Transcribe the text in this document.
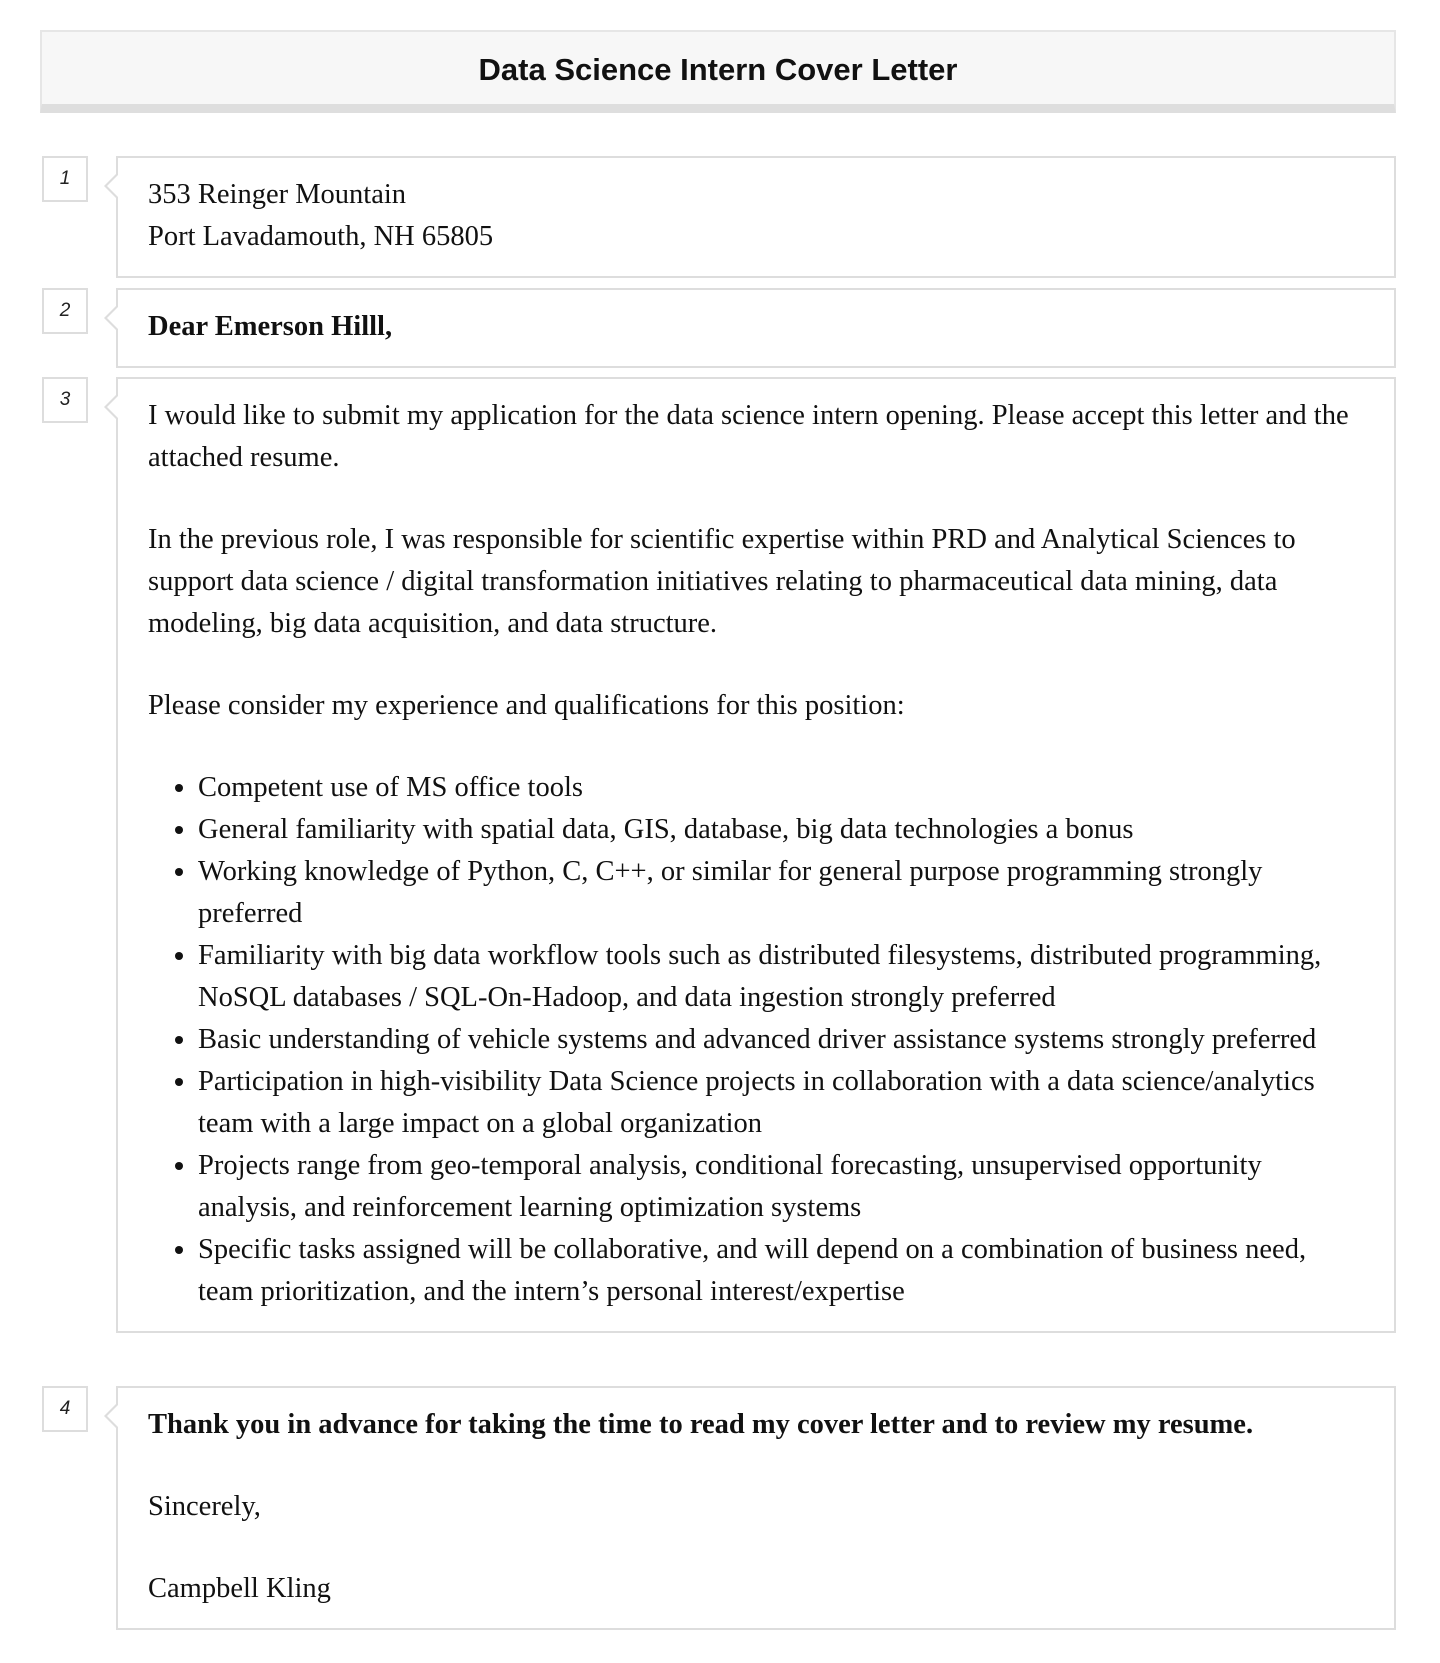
Data Science Intern Cover Letter
1

353 Reinger Mountain

Port Lavadamouth, NH 65805

2

Dear Emerson Hilll,

3

I would like to submit my application for the data science intern opening. Please accept this letter and the attached resume.

In the previous role, I was responsible for scientific expertise within PRD and Analytical Sciences to support data science / digital transformation initiatives relating to pharmaceutical data mining, data modeling, big data acquisition, and data structure.

Please consider my experience and qualifications for this position:

• Competent use of MS office tools
• General familiarity with spatial data, GIS, database, big data technologies a bonus
• Working knowledge of Python, C, C++, or similar for general purpose programming strongly preferred
• Familiarity with big data workflow tools such as distributed filesystems, distributed programming, NoSQL databases / SQL-On-Hadoop, and data ingestion strongly preferred
• Basic understanding of vehicle systems and advanced driver assistance systems strongly preferred
• Participation in high-visibility Data Science projects in collaboration with a data science/analytics team with a large impact on a global organization
• Projects range from geo-temporal analysis, conditional forecasting, unsupervised opportunity analysis, and reinforcement learning optimization systems
• Specific tasks assigned will be collaborative, and will depend on a combination of business need, team prioritization, and the intern’s personal interest/expertise
4

Thank you in advance for taking the time to read my cover letter and to review my resume.

Sincerely,

Campbell Kling
